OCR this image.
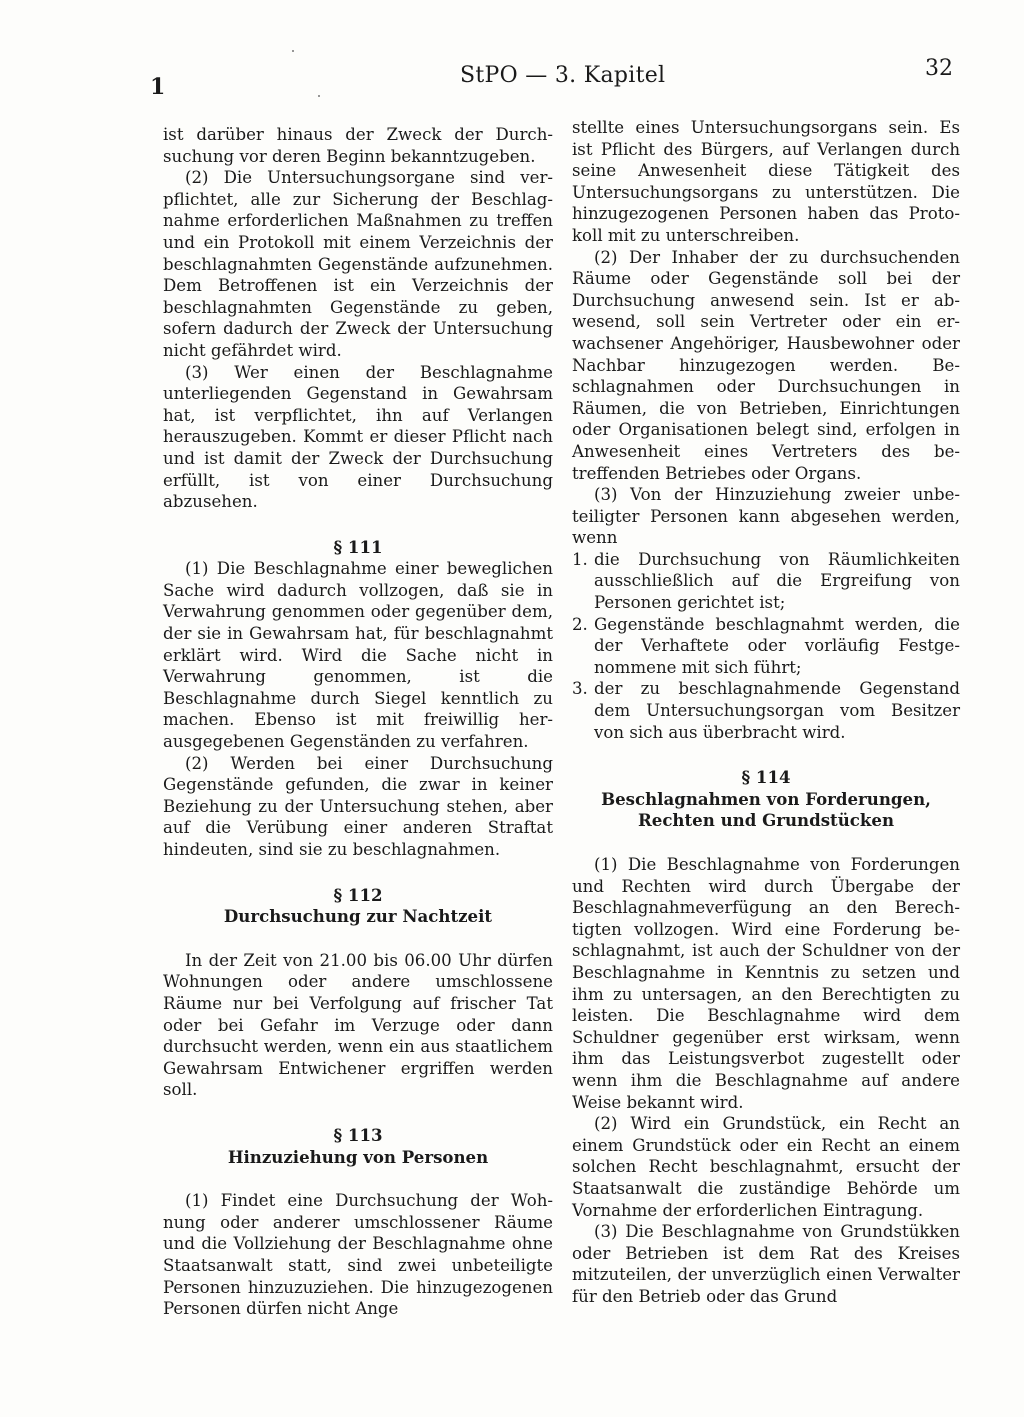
1	StPO — 3. Kapitel	32

ist darüber hinaus der Zweck der Durchsuchung vor deren Beginn bekanntzugeben.

(2) Die Untersuchungsorgane sind verpflichtet, alle zur Sicherung der Beschlagnahme erforderlichen Maßnahmen zu treffen und ein Protokoll mit einem Verzeichnis der beschlagnahmten Gegenstände aufzunehmen. Dem Betroffenen ist ein Verzeichnis der beschlagnahmten Gegenstände zu geben, sofern dadurch der Zweck der Untersuchung nicht gefährdet wird.

(3) Wer einen der Beschlagnahme unterliegenden Gegenstand in Gewahrsam hat, ist verpflichtet, ihn auf Verlangen herauszugeben. Kommt er dieser Pflicht nach und ist damit der Zweck der Durchsuchung erfüllt, ist von einer Durchsuchung abzusehen.

§ 111

(1) Die Beschlagnahme einer beweglichen Sache wird dadurch vollzogen, daß sie in Verwahrung genommen oder gegenüber dem, der sie in Gewahrsam hat, für beschlagnahmt erklärt wird. Wird die Sache nicht in Verwahrung genommen, ist die Beschlagnahme durch Siegel kenntlich zu machen. Ebenso ist mit freiwillig herausgegebenen Gegenständen zu verfahren.

(2) Werden bei einer Durchsuchung Gegenstände gefunden, die zwar in keiner Beziehung zu der Untersuchung stehen, aber auf die Verübung einer anderen Straftat hindeuten, sind sie zu beschlagnahmen.

§ 112

Durchsuchung zur Nachtzeit

In der Zeit von 21.00 bis 06.00 Uhr dürfen Wohnungen oder andere umschlossene Räume nur bei Verfolgung auf frischer Tat oder bei Gefahr im Verzuge oder dann durchsucht werden, wenn ein aus staatlichem Gewahrsam Entwichener ergriffen werden soll.

§ 113

Hinzuziehung von Personen

(1) Findet eine Durchsuchung der Wohnung oder anderer umschlossener Räume und die Vollziehung der Beschlagnahme ohne Staatsanwalt statt, sind zwei unbeteiligte Personen hinzuzuziehen. Die hinzugezogenen Personen dürfen nicht Ange

stellte eines Untersuchungsorgans sein. Es ist Pflicht des Bürgers, auf Verlangen durch seine Anwesenheit diese Tätigkeit des Untersuchungsorgans zu unterstützen. Die hinzugezogenen Personen haben das Protokoll mit zu unterschreiben.

(2) Der Inhaber der zu durchsuchenden Räume oder Gegenstände soll bei der Durchsuchung anwesend sein. Ist er abwesend, soll sein Vertreter oder ein erwachsener Angehöriger, Hausbewohner oder Nachbar hinzugezogen werden. Beschlagnahmen oder Durchsuchungen in Räumen, die von Betrieben, Einrichtungen oder Organisationen belegt sind, erfolgen in Anwesenheit eines Vertreters des betreffenden Betriebes oder Organs.

(3) Von der Hinzuziehung zweier unbeteiligter Personen kann abgesehen werden, wenn

1. die Durchsuchung von Räumlichkeiten ausschließlich auf die Ergreifung von Personen gerichtet ist;

2. Gegenstände beschlagnahmt werden, die der Verhaftete oder vorläufig Festgenommene mit sich führt;

3. der zu beschlagnahmende Gegenstand dem Untersuchungsorgan vom Besitzer von sich aus überbracht wird.

§ 114

Beschlagnahmen von Forderungen, Rechten und Grundstücken

(1) Die Beschlagnahme von Forderungen und Rechten wird durch Übergabe der Beschlagnahmeverfügung an den Berechtigten vollzogen. Wird eine Forderung beschlagnahmt, ist auch der Schuldner von der Beschlagnahme in Kenntnis zu setzen und ihm zu untersagen, an den Berechtigten zu leisten. Die Beschlagnahme wird dem Schuldner gegenüber erst wirksam, wenn ihm das Leistungsverbot zugestellt oder wenn ihm die Beschlagnahme auf andere Weise bekannt wird.

(2) Wird ein Grundstück, ein Recht an einem Grundstück oder ein Recht an einem solchen Recht beschlagnahmt, ersucht der Staatsanwalt die zuständige Behörde um Vornahme der erforderlichen Eintragung.

(3) Die Beschlagnahme von Grundstükken oder Betrieben ist dem Rat des Kreises mitzuteilen, der unverzüglich einen Verwalter für den Betrieb oder das Grund
